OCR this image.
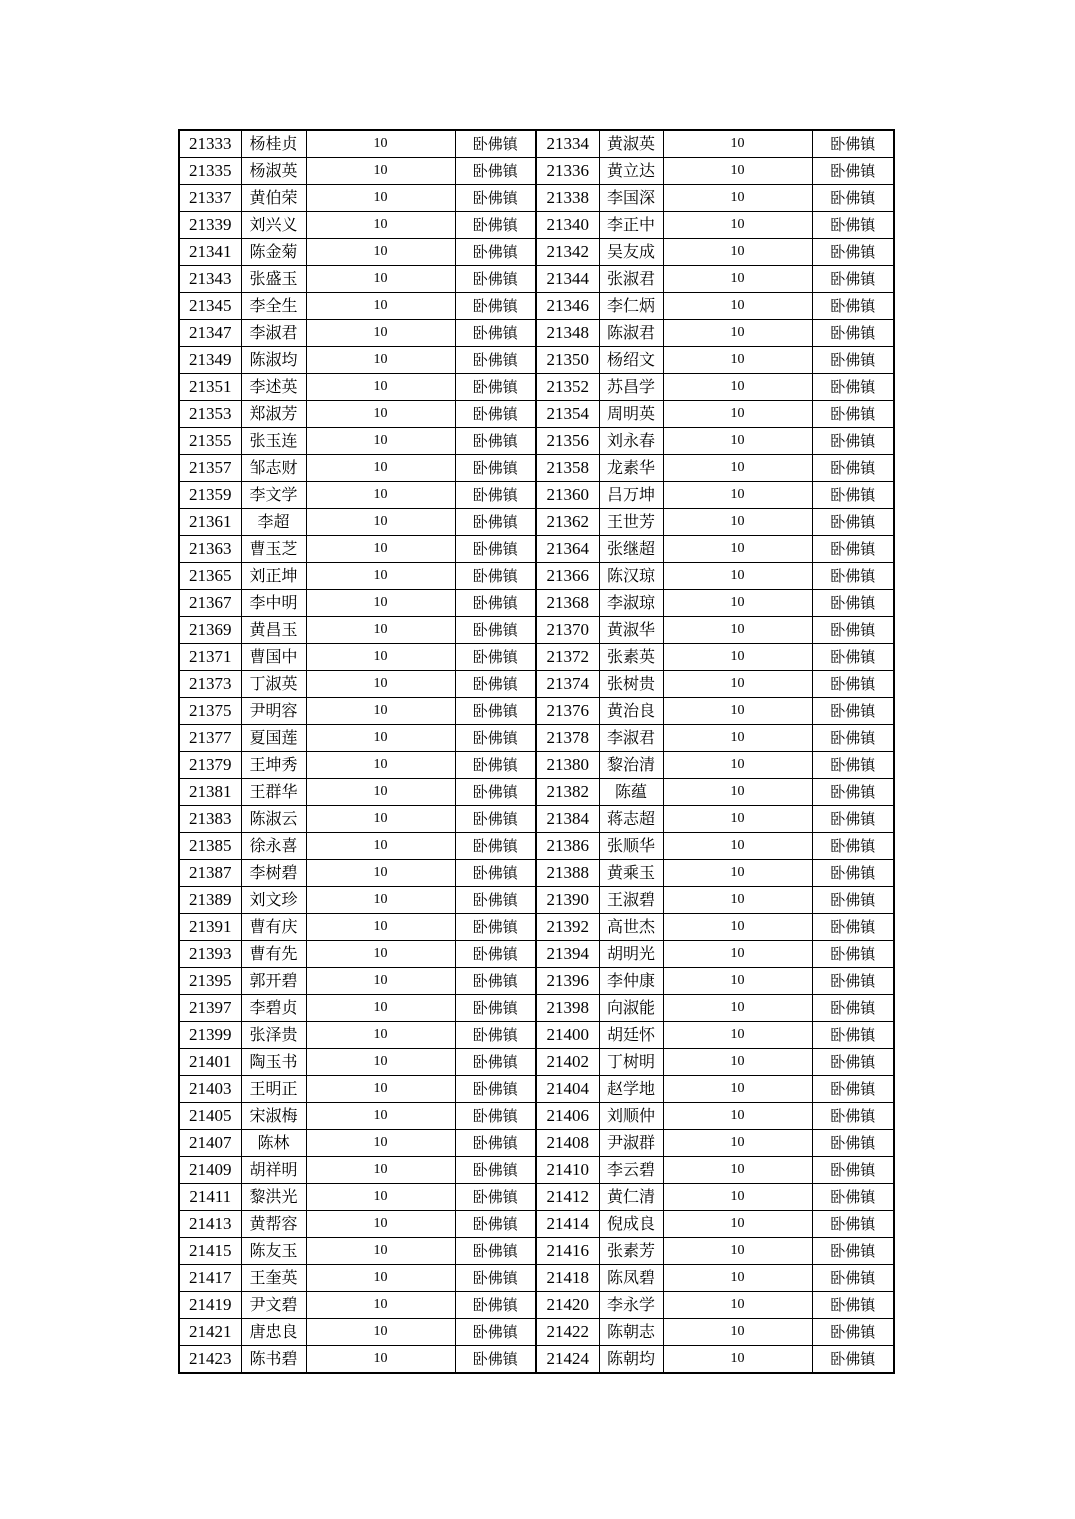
21333	杨桂贞	10	卧佛镇	21334	黄淑英	10	卧佛镇
21335	杨淑英	10	卧佛镇	21336	黄立达	10	卧佛镇
21337	黄伯荣	10	卧佛镇	21338	李国深	10	卧佛镇
21339	刘兴义	10	卧佛镇	21340	李正中	10	卧佛镇
21341	陈金菊	10	卧佛镇	21342	吴友成	10	卧佛镇
21343	张盛玉	10	卧佛镇	21344	张淑君	10	卧佛镇
21345	李全生	10	卧佛镇	21346	李仁炳	10	卧佛镇
21347	李淑君	10	卧佛镇	21348	陈淑君	10	卧佛镇
21349	陈淑均	10	卧佛镇	21350	杨绍文	10	卧佛镇
21351	李述英	10	卧佛镇	21352	苏昌学	10	卧佛镇
21353	郑淑芳	10	卧佛镇	21354	周明英	10	卧佛镇
21355	张玉连	10	卧佛镇	21356	刘永春	10	卧佛镇
21357	邹志财	10	卧佛镇	21358	龙素华	10	卧佛镇
21359	李文学	10	卧佛镇	21360	吕万坤	10	卧佛镇
21361	李超	10	卧佛镇	21362	王世芳	10	卧佛镇
21363	曹玉芝	10	卧佛镇	21364	张继超	10	卧佛镇
21365	刘正坤	10	卧佛镇	21366	陈汉琼	10	卧佛镇
21367	李中明	10	卧佛镇	21368	李淑琼	10	卧佛镇
21369	黄昌玉	10	卧佛镇	21370	黄淑华	10	卧佛镇
21371	曹国中	10	卧佛镇	21372	张素英	10	卧佛镇
21373	丁淑英	10	卧佛镇	21374	张树贵	10	卧佛镇
21375	尹明容	10	卧佛镇	21376	黄治良	10	卧佛镇
21377	夏国莲	10	卧佛镇	21378	李淑君	10	卧佛镇
21379	王坤秀	10	卧佛镇	21380	黎治清	10	卧佛镇
21381	王群华	10	卧佛镇	21382	陈蕴	10	卧佛镇
21383	陈淑云	10	卧佛镇	21384	蒋志超	10	卧佛镇
21385	徐永喜	10	卧佛镇	21386	张顺华	10	卧佛镇
21387	李树碧	10	卧佛镇	21388	黄乘玉	10	卧佛镇
21389	刘文珍	10	卧佛镇	21390	王淑碧	10	卧佛镇
21391	曹有庆	10	卧佛镇	21392	高世杰	10	卧佛镇
21393	曹有先	10	卧佛镇	21394	胡明光	10	卧佛镇
21395	郭开碧	10	卧佛镇	21396	李仲康	10	卧佛镇
21397	李碧贞	10	卧佛镇	21398	向淑能	10	卧佛镇
21399	张泽贵	10	卧佛镇	21400	胡廷怀	10	卧佛镇
21401	陶玉书	10	卧佛镇	21402	丁树明	10	卧佛镇
21403	王明正	10	卧佛镇	21404	赵学地	10	卧佛镇
21405	宋淑梅	10	卧佛镇	21406	刘顺仲	10	卧佛镇
21407	陈林	10	卧佛镇	21408	尹淑群	10	卧佛镇
21409	胡祥明	10	卧佛镇	21410	李云碧	10	卧佛镇
21411	黎洪光	10	卧佛镇	21412	黄仁清	10	卧佛镇
21413	黄帮容	10	卧佛镇	21414	倪成良	10	卧佛镇
21415	陈友玉	10	卧佛镇	21416	张素芳	10	卧佛镇
21417	王奎英	10	卧佛镇	21418	陈凤碧	10	卧佛镇
21419	尹文碧	10	卧佛镇	21420	李永学	10	卧佛镇
21421	唐忠良	10	卧佛镇	21422	陈朝志	10	卧佛镇
21423	陈书碧	10	卧佛镇	21424	陈朝均	10	卧佛镇
